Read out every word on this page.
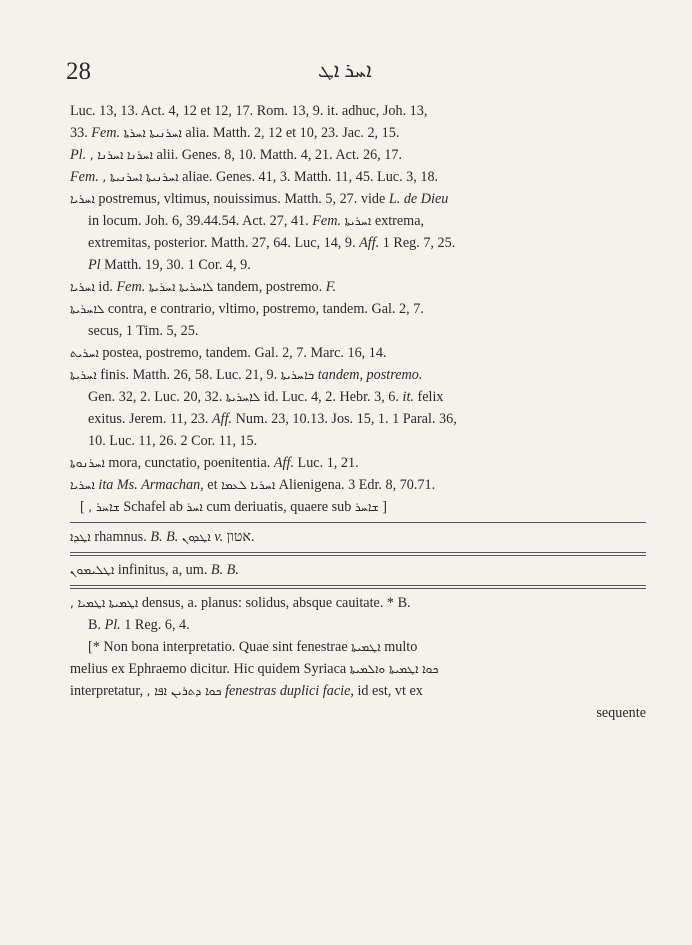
28	ܐܚܪ ܐܛ
Luc. 13, 13. Act. 4, 12 et 12, 17. Rom. 13, 9. it. adhuc, Joh. 13,
33. Fem. ܐܚܪܬܐ ܐܚܪܢܝܬܐ alia. Matth. 2, 12 et 10, 23. Jac. 2, 15.
Pl. ܐܚܪܢܐ , ܐܚܪܢܐ alii. Genes. 8, 10. Matth. 4, 21. Act. 26, 17.
Fem. ܐܚܪܢܝܬܐ , ܐܚܪܢܝܬܐ aliae. Genes. 41, 3. Matth. 11, 45. Luc. 3, 18.
ܐܚܪܝܐ postremus, vltimus, nouissimus. Matth. 5, 27. vide L. de Dieu
in locum. Joh. 6, 39.44.54. Act. 27, 41. Fem. ܐܚܪܝܬܐ extrema,
extremitas, posterior. Matth. 27, 64. Luc, 14, 9. Aff. 1 Reg. 7, 25.
Pl Matth. 19, 30. 1 Cor. 4, 9.
ܐܚܪܝܐ id. Fem. ܐܚܪܝܬܐ ܠܐܚܪܝܬܐ tandem, postremo. F.
ܠܐܚܪܝܬܐ contra, e contrario, vltimo, postremo, tandem. Gal. 2, 7.
secus, 1 Tim. 5, 25.
ܐܚܪܝܬ postea, postremo, tandem. Gal. 2, 7. Marc. 16, 14.
ܐܚܪܝܬܐ finis. Matth. 26, 58. Luc. 21, 9. ܒܐܚܪܝܬܐ tandem, postremo.
Gen. 32, 2. Luc. 20, 32. ܠܐܚܪܝܬܐ id. Luc. 4, 2. Hebr. 3, 6. it. felix
exitus. Jerem. 11, 23. Aff. Num. 23, 10.13. Jos. 15, 1. 1 Paral. 36,
10. Luc. 11, 26. 2 Cor. 11, 15.
ܐܚܪܢܘܬܐ mora, cunctatio, poenitentia. Aff. Luc. 1, 21.
ܐܚܪܝܐ ita Ms. Armachan, et ܠܥܡܐ ܐܚܪܝܐ Alienigena. 3 Edr. 8, 70.71.
[ ܫܐܚܪ , Schafel ab ܐܚܪ cum deriuatis, quaere sub ܫܐܚܪ ]
ܐܛܕܐ rhamnus. B. B. ܐܛܕܘܢ v. אטון.
ܐܛܠܝܡܘܢ infinitus, a, um. B. B.
ܐܛܡܝܐ , ܐܛܡܝܬܐ densus, a. planus: solidus, absque cauitate. * B.
B. Pl. 1 Reg. 6, 4.
[* Non bona interpretatio. Quae sint fenestrae ܐܛܡܝܬܐ multo
melius ex Ephraemo dicitur. Hic quidem Syriaca ܐܛܡܝܬܐ ܘܐܠܡܝܬܐ ܟܘܐ
interpretatur, ܟܘܐ ܕܬܪܝܢ ܐܦܐ , fenestras duplici facie, id est, vt ex
sequente
